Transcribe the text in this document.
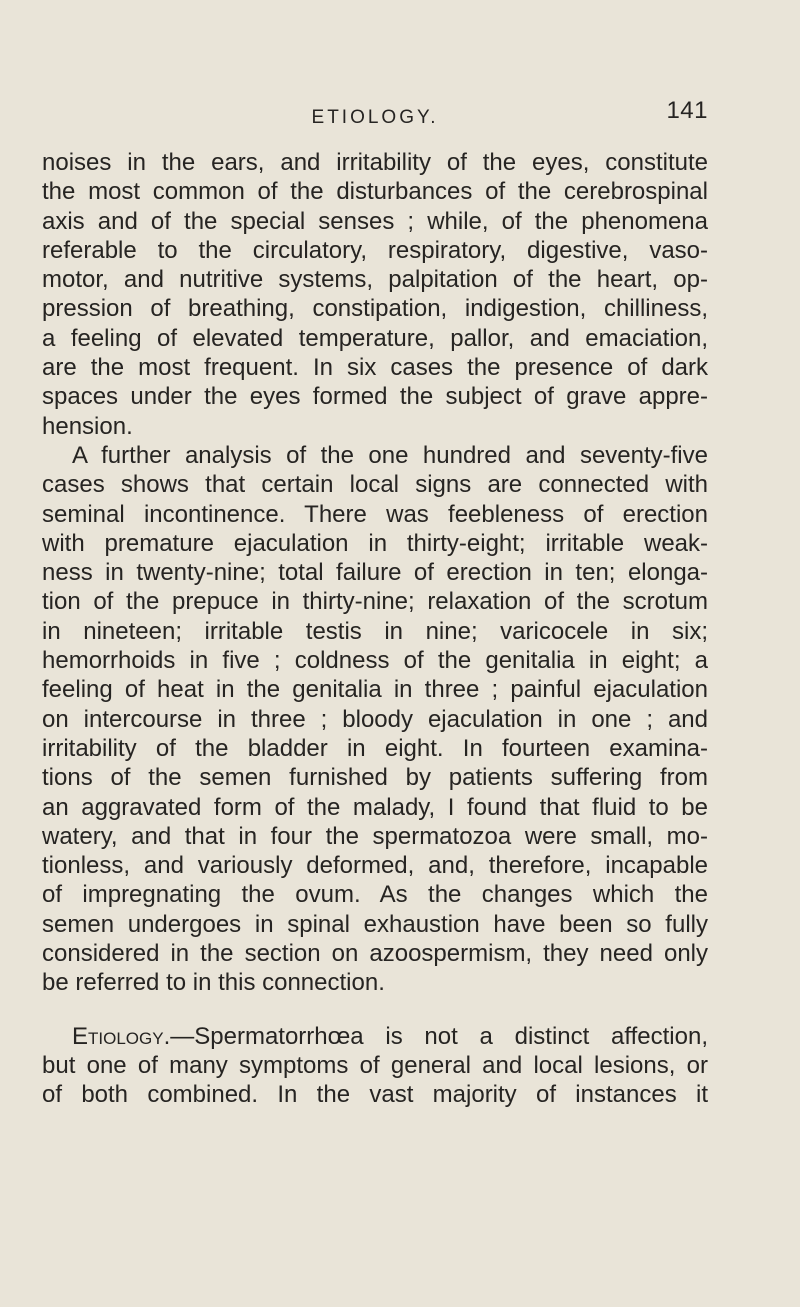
ETIOLOGY.	141
noises in the ears, and irritability of the eyes, constitute
the most common of the disturbances of the cerebrospinal
axis and of the special senses ; while, of the phenomena
referable to the circulatory, respiratory, digestive, vaso-
motor, and nutritive systems, palpitation of the heart, op-
pression of breathing, constipation, indigestion, chilliness,
a feeling of elevated temperature, pallor, and emaciation,
are the most frequent. In six cases the presence of dark
spaces under the eyes formed the subject of grave appre-
hension.
A further analysis of the one hundred and seventy-five
cases shows that certain local signs are connected with
seminal incontinence. There was feebleness of erection
with premature ejaculation in thirty-eight; irritable weak-
ness in twenty-nine; total failure of erection in ten; elonga-
tion of the prepuce in thirty-nine; relaxation of the scrotum
in nineteen; irritable testis in nine; varicocele in six;
hemorrhoids in five ; coldness of the genitalia in eight; a
feeling of heat in the genitalia in three ; painful ejaculation
on intercourse in three ; bloody ejaculation in one ; and
irritability of the bladder in eight. In fourteen examina-
tions of the semen furnished by patients suffering from
an aggravated form of the malady, I found that fluid to be
watery, and that in four the spermatozoa were small, mo-
tionless, and variously deformed, and, therefore, incapable
of impregnating the ovum. As the changes which the
semen undergoes in spinal exhaustion have been so fully
considered in the section on azoospermism, they need only
be referred to in this connection.
Etiology.—Spermatorrhœa is not a distinct affection,
but one of many symptoms of general and local lesions, or
of both combined. In the vast majority of instances it
